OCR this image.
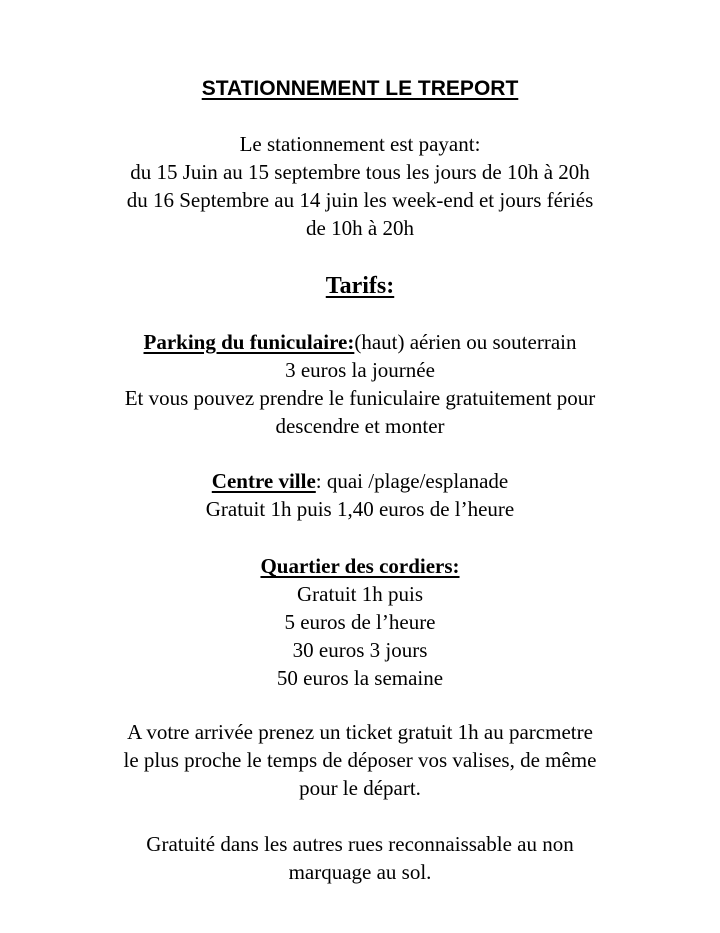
STATIONNEMENT LE TREPORT
Le stationnement est payant:
du 15 Juin au 15 septembre tous les jours de 10h à 20h
du 16 Septembre au 14 juin les week-end et jours fériés
de 10h à 20h
Tarifs:
Parking du funiculaire:(haut) aérien ou souterrain
3 euros la journée
Et vous pouvez prendre le funiculaire gratuitement pour
descendre et monter
Centre ville: quai /plage/esplanade
Gratuit 1h puis 1,40 euros de l’heure
Quartier des cordiers:
Gratuit 1h puis
5 euros de l’heure
30 euros 3 jours
50 euros la semaine
A votre arrivée prenez un ticket gratuit 1h au parcmetre
le plus proche le temps de déposer vos valises, de même
pour le départ.
Gratuité dans les autres rues reconnaissable au non
marquage au sol.
